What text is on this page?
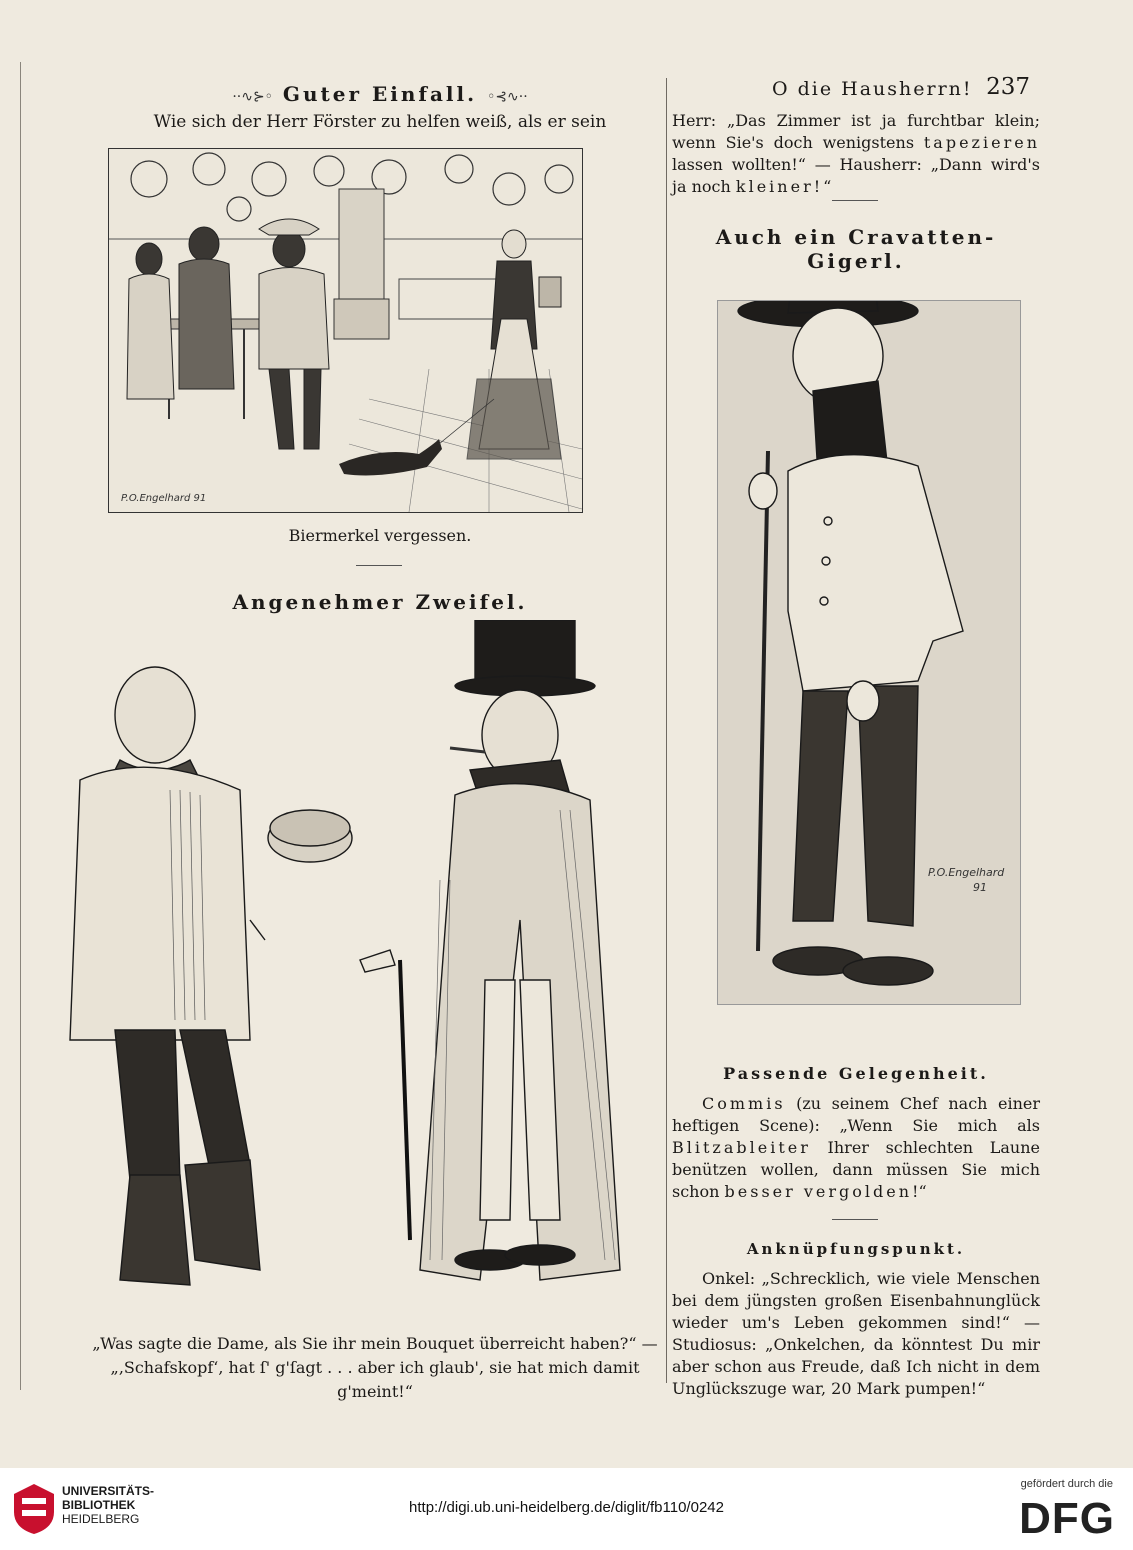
··∿⊱◦ Guter Einfall. ◦⊰∿··
Wie sich der Herr Förster zu helfen weiß, als er sein
P.O.Engelhard 91
Biermerkel vergessen.
Angenehmer Zweifel.
„Was sagte die Dame, als Sie ihr mein Bouquet überreicht haben?“ —
„‚Schafskopf‘, hat ſ' g'ſagt . . . aber ich glaub', sie hat mich damit g'meint!“
O die Hausherrn! 237

Herr: „Das Zimmer ist ja furchtbar klein; wenn Sie's doch wenigstens tapezieren lassen wollten!“ — Hausherr: „Dann wird's ja noch kleiner!“

Auch ein Cravatten-Gigerl.
P.O.Engelhard
91
Passende Gelegenheit.

Commis (zu seinem Chef nach einer heftigen Scene): „Wenn Sie mich als Blitzableiter Ihrer schlechten Laune benützen wollen, dann müssen Sie mich schon besser vergolden!“

Anknüpfungspunkt.

Onkel: „Schrecklich, wie viele Menschen bei dem jüngsten großen Eisenbahnunglück wieder um's Leben gekommen sind!“ — Studiosus: „Onkelchen, da könntest Du mir aber schon aus Freude, daß Ich nicht in dem Unglückszuge war, 20 Mark pumpen!“

UNIVERSITÄTS-
BIBLIOTHEK
HEIDELBERG
http://digi.ub.uni-heidelberg.de/diglit/fb110/0242
gefördert durch die
DFG
